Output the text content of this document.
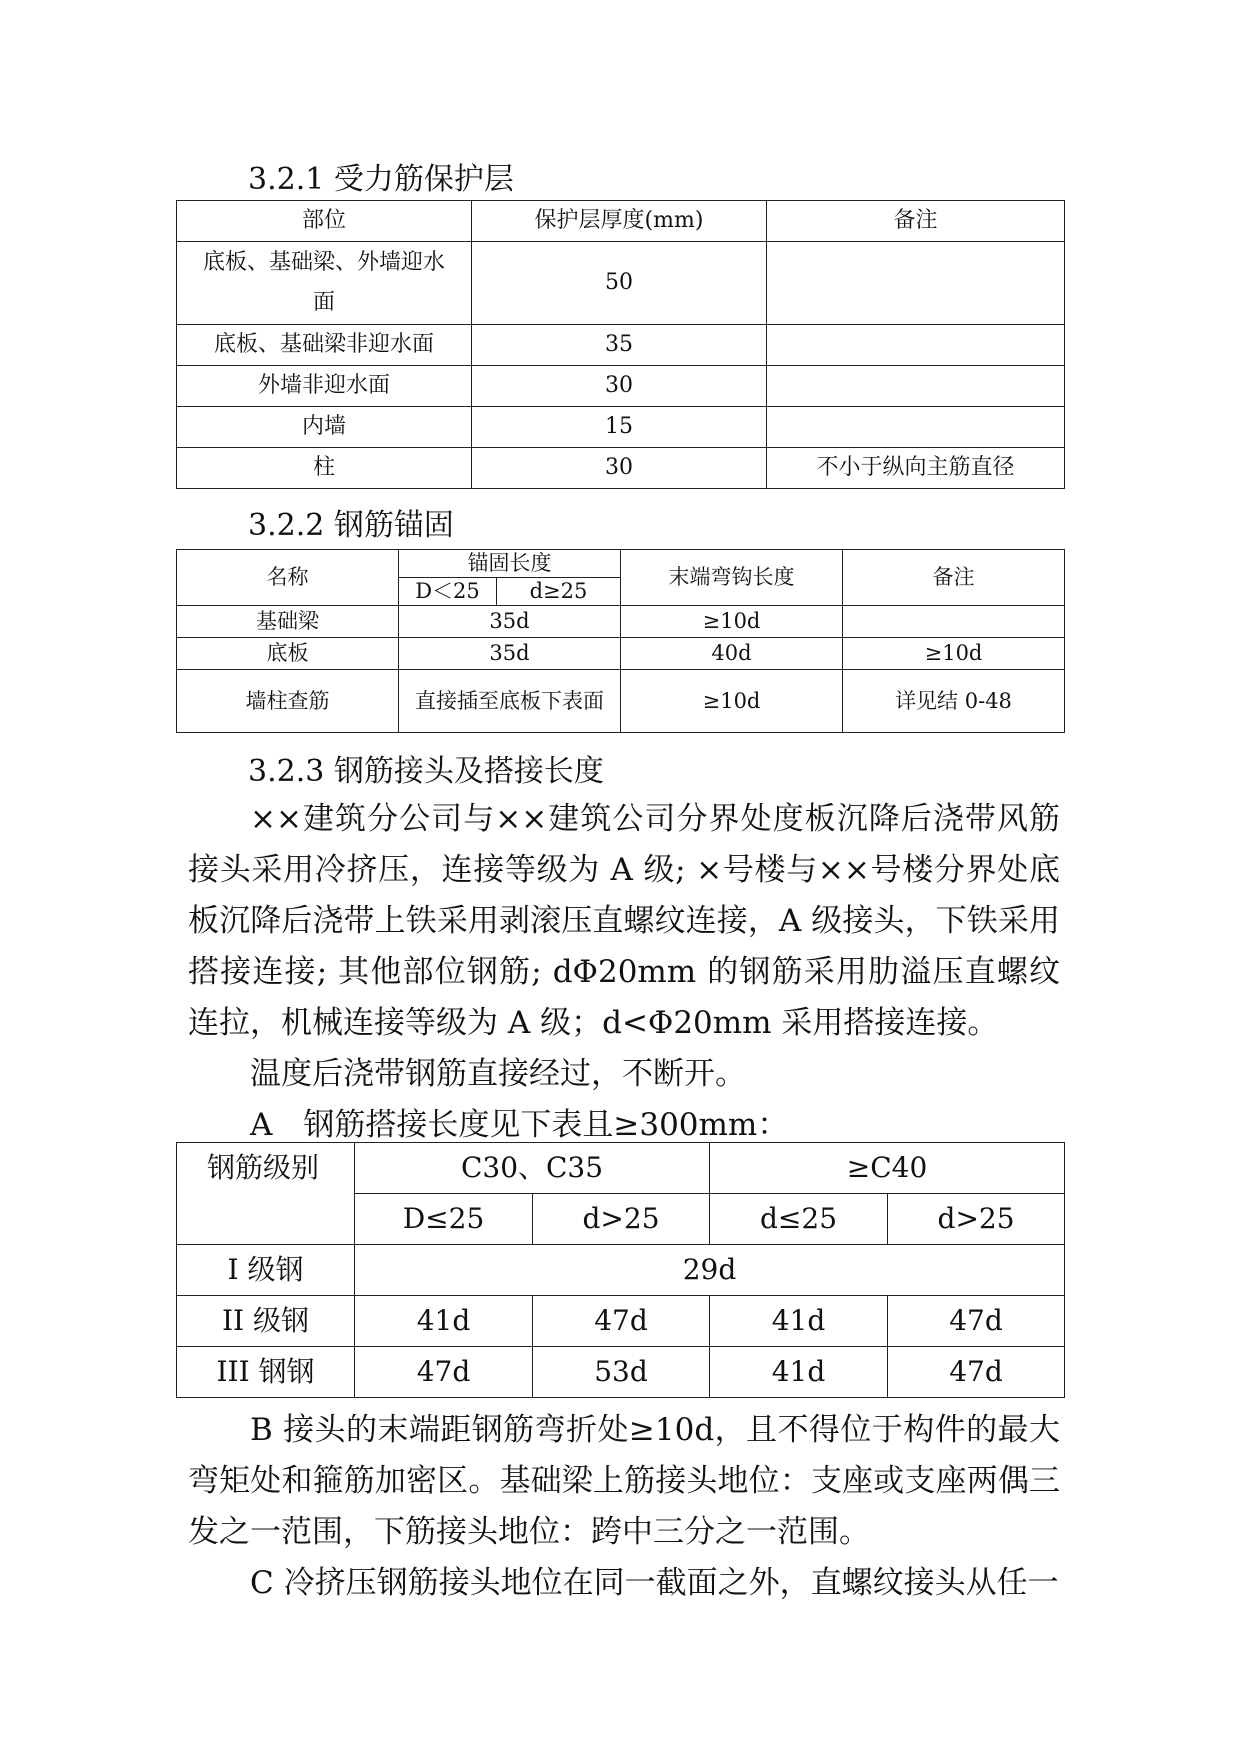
3.2.1 受力筋保护层
部位	保护层厚度(mm)	备注
底板、基础梁、外墙迎水面	50	
底板、基础梁非迎水面	35	
外墙非迎水面	30	
内墙	15	
柱	30	不小于纵向主筋直径
3.2.2 钢筋锚固
名称	锚固长度		末端弯钩长度	备注
	D＜25	d≥25		
基础梁	35d		≥10d	
底板	35d		40d	≥10d
墙柱查筋	直接插至底板下表面		≥10d	详见结 0-48
3.2.3 钢筋接头及搭接长度
××建筑分公司与××建筑公司分界处度板沉降后浇带风筋接头采用冷挤压，连接等级为 A 级; ×号楼与××号楼分界处底板沉降后浇带上铁采用剥滚压直螺纹连接，A 级接头，下铁采用搭接连接; 其他部位钢筋; dΦ20mm 的钢筋采用肋溢压直螺纹连拉，机械连接等级为 A 级；d<Φ20mm 采用搭接连接。
温度后浇带钢筋直接经过，不断开。
A　钢筋搭接长度见下表且≥300mm：
钢筋级别	C30、C35		≥C40	
	D≤25	d>25	d≤25	d>25
I 级钢	29d			
II 级钢	41d	47d	41d	47d
III 钢钢	47d	53d	41d	47d
B 接头的末端距钢筋弯折处≥10d，且不得位于构件的最大弯矩处和箍筋加密区。基础梁上筋接头地位：支座或支座两偶三发之一范围，下筋接头地位：跨中三分之一范围。
C 冷挤压钢筋接头地位在同一截面之外，直螺纹接头从任一
